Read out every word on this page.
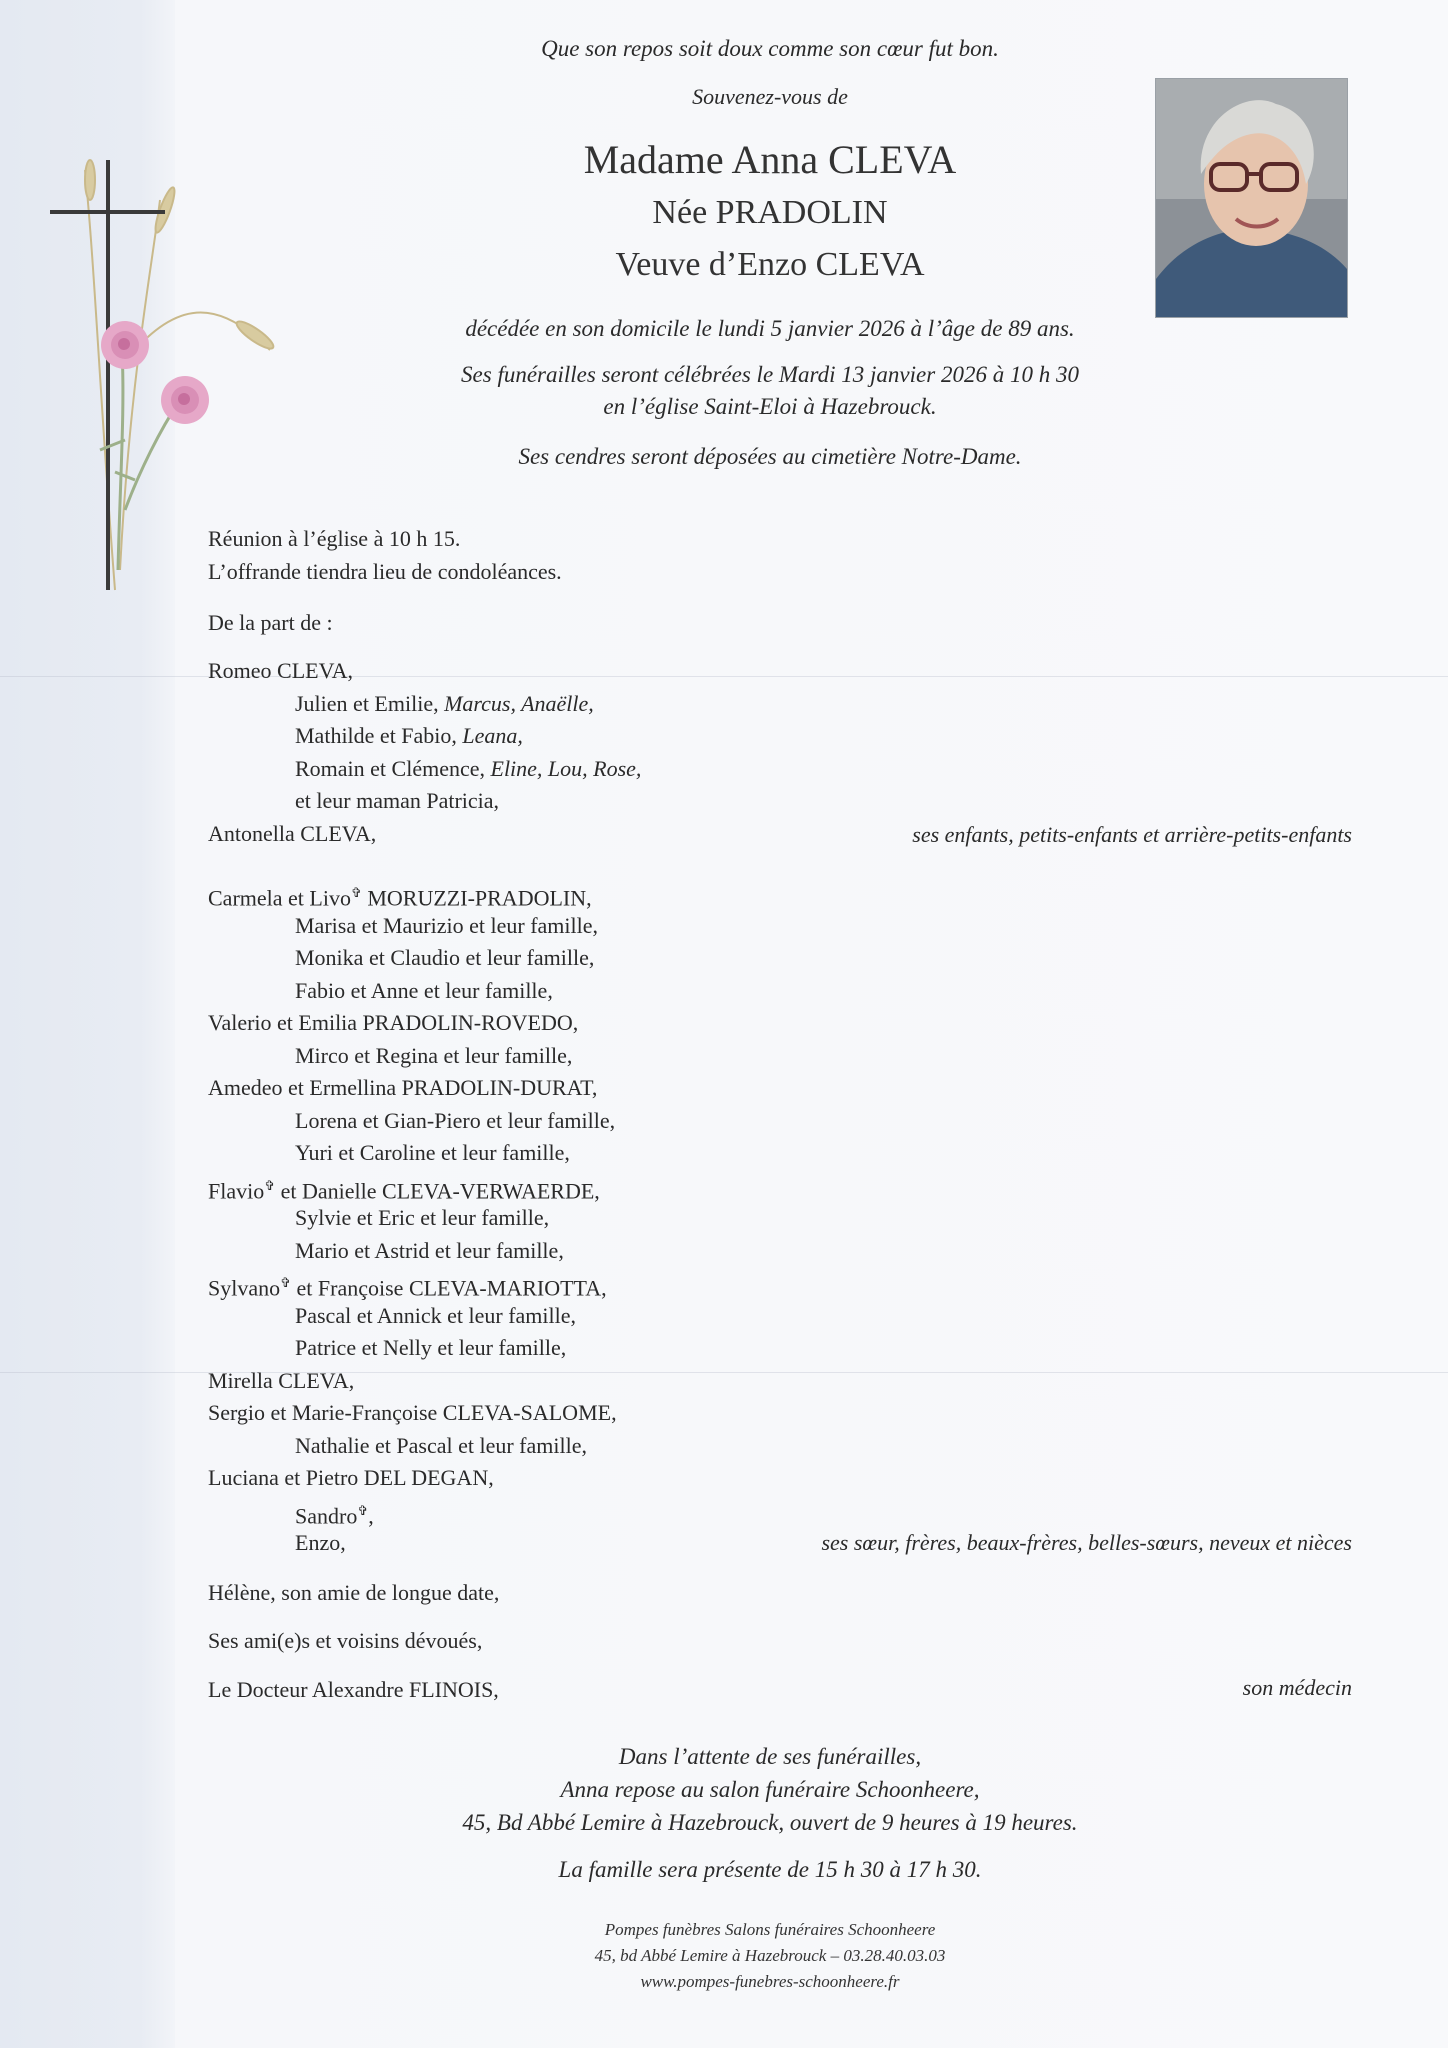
Que son repos soit doux comme son cœur fut bon.
Souvenez-vous de
Madame Anna CLEVA
Née PRADOLIN
Veuve d’Enzo CLEVA
décédée en son domicile le lundi 5 janvier 2026 à l’âge de 89 ans.
Ses funérailles seront célébrées le Mardi 13 janvier 2026 à 10 h 30
en l’église Saint-Eloi à Hazebrouck.
Ses cendres seront déposées au cimetière Notre-Dame.
Réunion à l’église à 10 h 15.
L’offrande tiendra lieu de condoléances.
De la part de :
Romeo CLEVA,
Julien et Emilie, Marcus, Anaëlle,
Mathilde et Fabio, Leana,
Romain et Clémence, Eline, Lou, Rose,
et leur maman Patricia,
Antonella CLEVA,	ses enfants, petits-enfants et arrière-petits-enfants
Carmela et Livo✞ MORUZZI-PRADOLIN,
Marisa et Maurizio et leur famille,
Monika et Claudio et leur famille,
Fabio et Anne et leur famille,
Valerio et Emilia PRADOLIN-ROVEDO,
Mirco et Regina et leur famille,
Amedeo et Ermellina PRADOLIN-DURAT,
Lorena et Gian-Piero et leur famille,
Yuri et Caroline et leur famille,
Flavio✞ et Danielle CLEVA-VERWAERDE,
Sylvie et Eric et leur famille,
Mario et Astrid et leur famille,
Sylvano✞ et Françoise CLEVA-MARIOTTA,
Pascal et Annick et leur famille,
Patrice et Nelly et leur famille,
Mirella CLEVA,
Sergio et Marie-Françoise CLEVA-SALOME,
Nathalie et Pascal et leur famille,
Luciana et Pietro DEL DEGAN,
Sandro✞,
Enzo,	ses sœur, frères, beaux-frères, belles-sœurs, neveux et nièces
Hélène, son amie de longue date,
Ses ami(e)s et voisins dévoués,
Le Docteur Alexandre FLINOIS,	son médecin
Dans l’attente de ses funérailles,
Anna repose au salon funéraire Schoonheere,
45, Bd Abbé Lemire à Hazebrouck, ouvert de 9 heures à 19 heures.
La famille sera présente de 15 h 30 à 17 h 30.
Pompes funèbres Salons funéraires Schoonheere
45, bd Abbé Lemire à Hazebrouck – 03.28.40.03.03
www.pompes-funebres-schoonheere.fr
